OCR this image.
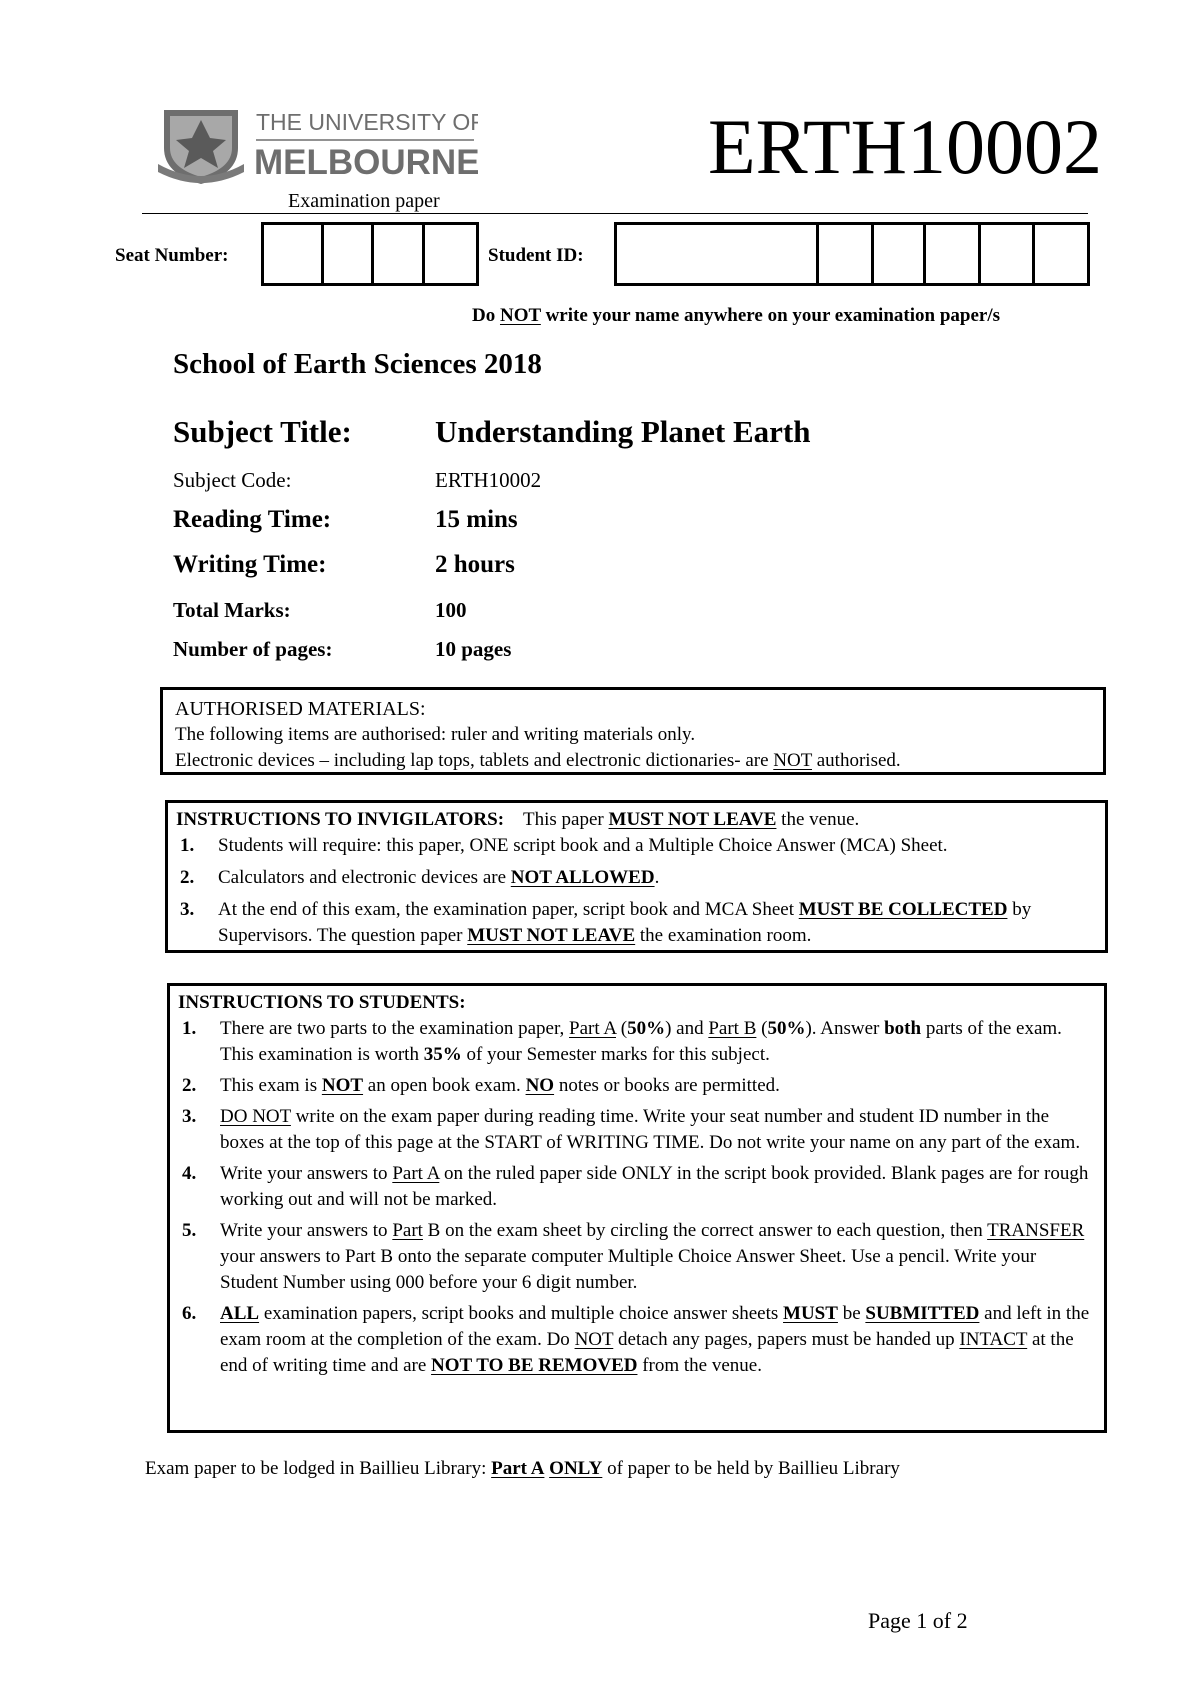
THE UNIVERSITY OF
MELBOURNE	ERTH10002
Examination paper
Seat Number:	Student ID:
Do NOT write your name anywhere on your examination paper/s
School of Earth Sciences 2018
Subject Title:	Understanding Planet Earth
Subject Code:	ERTH10002
Reading Time:	15 mins
Writing Time:	2 hours
Total Marks:	100
Number of pages:	10 pages
AUTHORISED MATERIALS:
The following items are authorised: ruler and writing materials only.
Electronic devices – including lap tops, tablets and electronic dictionaries- are NOT authorised.
INSTRUCTIONS TO INVIGILATORS: This paper MUST NOT LEAVE the venue.
1. Students will require: this paper, ONE script book and a Multiple Choice Answer (MCA) Sheet.
2. Calculators and electronic devices are NOT ALLOWED.
3. At the end of this exam, the examination paper, script book and MCA Sheet MUST BE COLLECTED by Supervisors. The question paper MUST NOT LEAVE the examination room.
INSTRUCTIONS TO STUDENTS:
1. There are two parts to the examination paper, Part A (50%) and Part B (50%). Answer both parts of the exam. This examination is worth 35% of your Semester marks for this subject.
2. This exam is NOT an open book exam. NO notes or books are permitted.
3. DO NOT write on the exam paper during reading time. Write your seat number and student ID number in the boxes at the top of this page at the START of WRITING TIME. Do not write your name on any part of the exam.
4. Write your answers to Part A on the ruled paper side ONLY in the script book provided. Blank pages are for rough working out and will not be marked.
5. Write your answers to Part B on the exam sheet by circling the correct answer to each question, then TRANSFER your answers to Part B onto the separate computer Multiple Choice Answer Sheet. Use a pencil. Write your Student Number using 000 before your 6 digit number.
6. ALL examination papers, script books and multiple choice answer sheets MUST be SUBMITTED and left in the exam room at the completion of the exam. Do NOT detach any pages, papers must be handed up INTACT at the end of writing time and are NOT TO BE REMOVED from the venue.
Exam paper to be lodged in Baillieu Library: Part A ONLY of paper to be held by Baillieu Library
Page 1 of 2
